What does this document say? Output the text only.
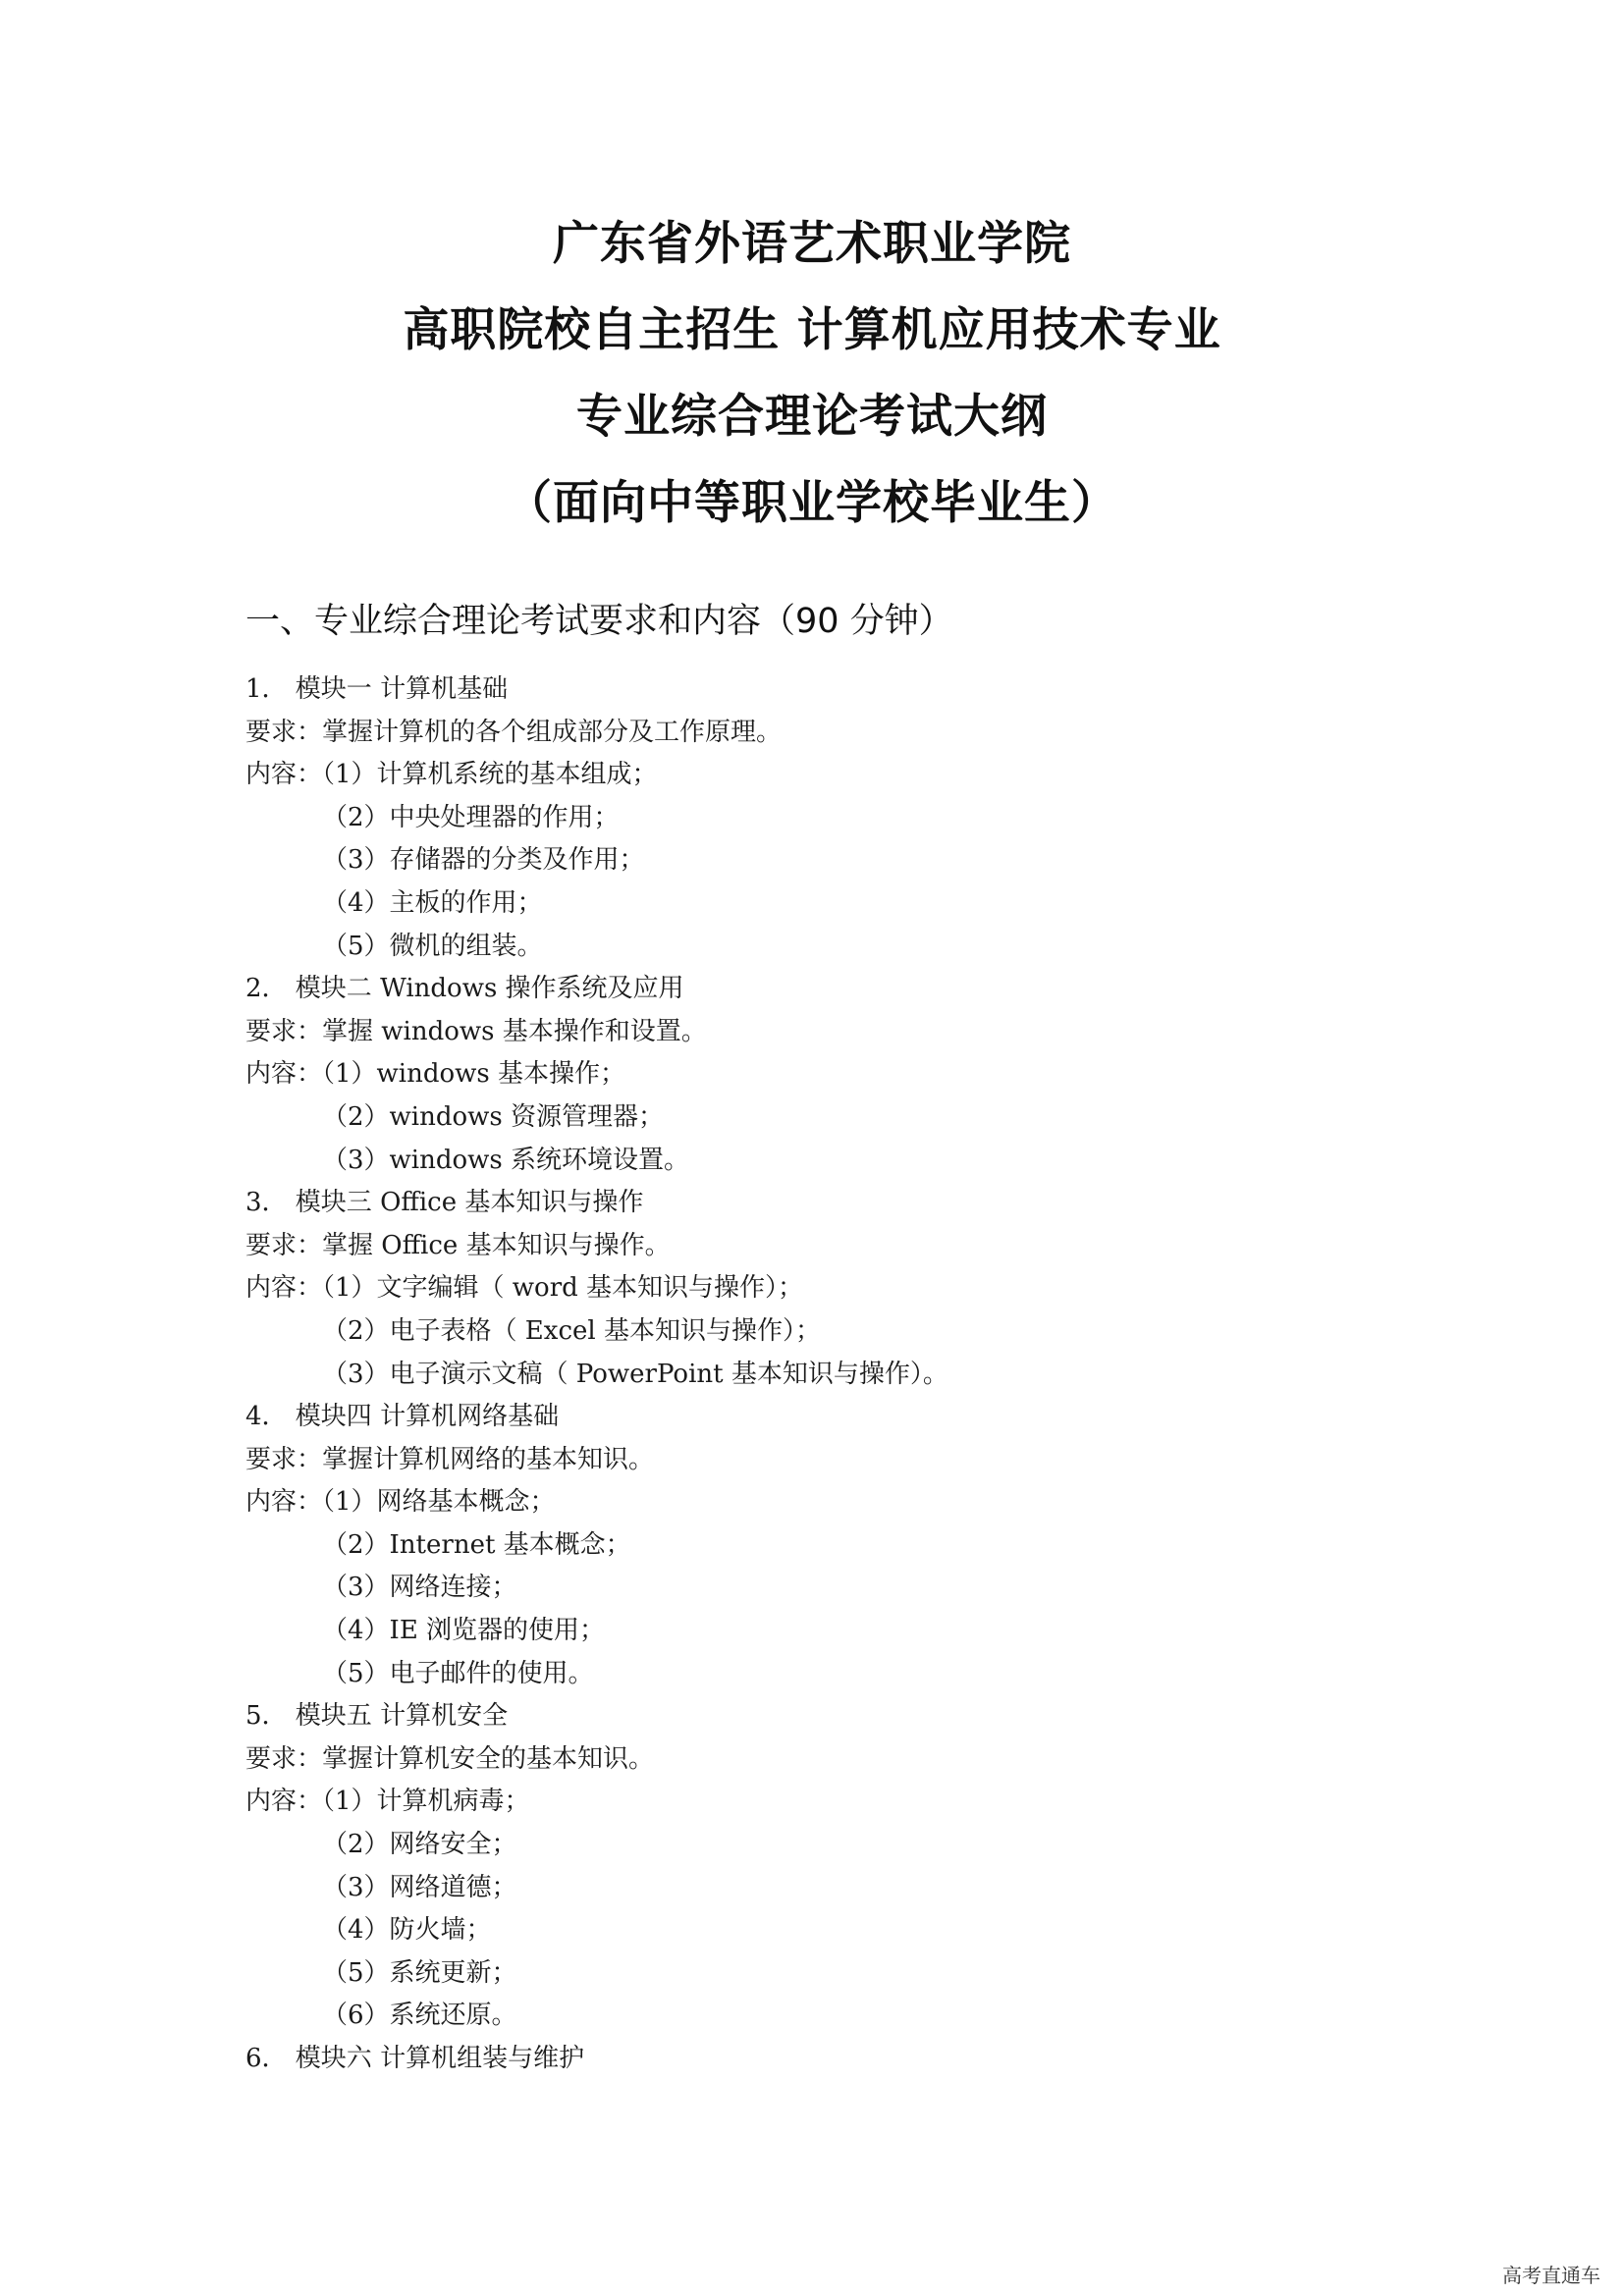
广东省外语艺术职业学院
高职院校自主招生 计算机应用技术专业
专业综合理论考试大纲
（面向中等职业学校毕业生）
一、专业综合理论考试要求和内容（90 分钟）
1． 模块一 计算机基础
要求：掌握计算机的各个组成部分及工作原理。
内容：（1）计算机系统的基本组成；
（2）中央处理器的作用；
（3）存储器的分类及作用；
（4）主板的作用；
（5）微机的组装。
2． 模块二 Windows 操作系统及应用
要求：掌握 windows 基本操作和设置。
内容：（1）windows 基本操作；
（2）windows 资源管理器；
（3）windows 系统环境设置。
3． 模块三 Office 基本知识与操作
要求：掌握 Office 基本知识与操作。
内容：（1）文字编辑（ word 基本知识与操作）；
（2）电子表格（ Excel 基本知识与操作）；
（3）电子演示文稿（ PowerPoint 基本知识与操作）。
4． 模块四 计算机网络基础
要求：掌握计算机网络的基本知识。
内容：（1）网络基本概念；
（2）Internet 基本概念；
（3）网络连接；
（4）IE 浏览器的使用；
（5）电子邮件的使用。
5． 模块五 计算机安全
要求：掌握计算机安全的基本知识。
内容：（1）计算机病毒；
（2）网络安全；
（3）网络道德；
（4）防火墙；
（5）系统更新；
（6）系统还原。
6． 模块六 计算机组装与维护
高考直通车
